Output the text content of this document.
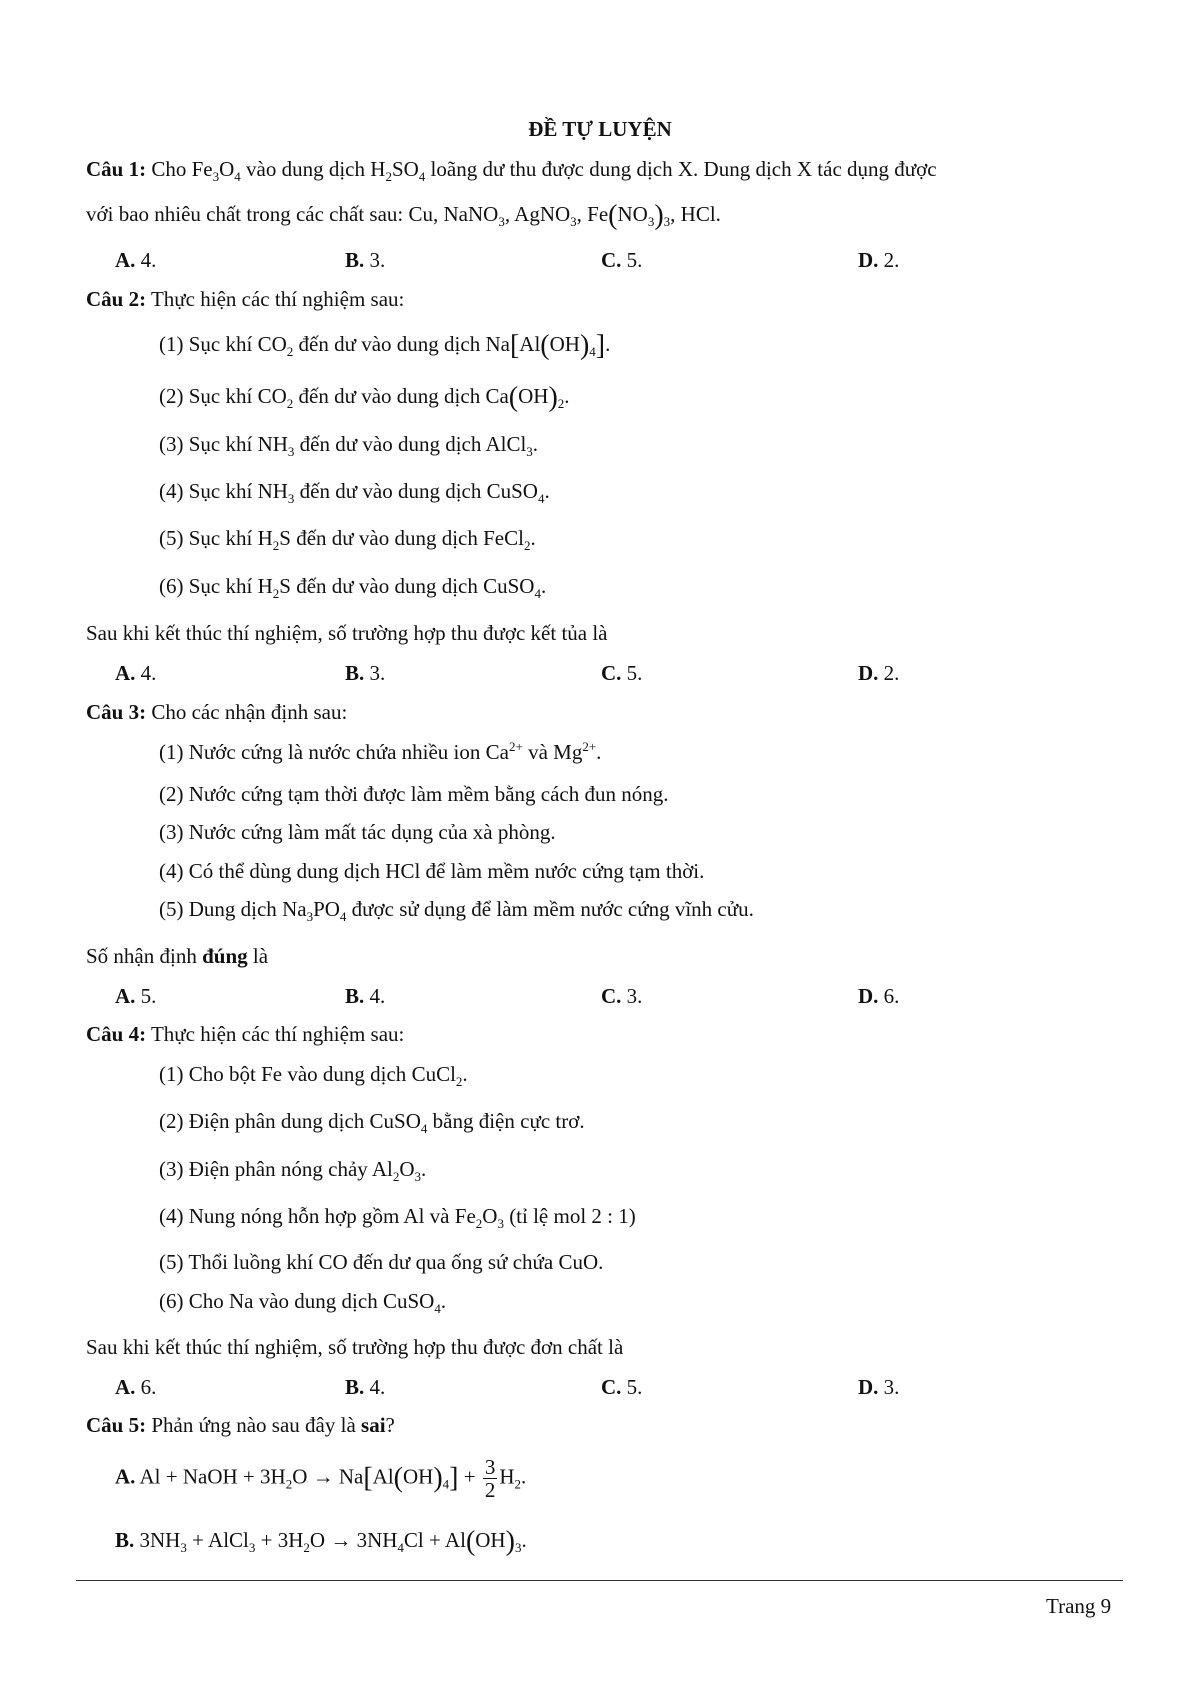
ĐỀ TỰ LUYỆN
Câu 1: Cho $Fe_3O_4$ vào dung dịch $H_2SO_4$ loãng dư thu được dung dịch X. Dung dịch X tác dụng được
với bao nhiêu chất trong các chất sau: Cu, NaNO$_3$, AgNO$_3$, $Fe(NO_3)_3$, HCl.
A. 4.	B. 3.	C. 5.	D. 2.
Câu 2: Thực hiện các thí nghiệm sau:
(1) Sục khí $CO_2$ đến dư vào dung dịch $Na[Al(OH)_4]$.
(2) Sục khí $CO_2$ đến dư vào dung dịch $Ca(OH)_2$.
(3) Sục khí $NH_3$ đến dư vào dung dịch AlCl$_3$.
(4) Sục khí $NH_3$ đến dư vào dung dịch CuSO$_4$.
(5) Sục khí $H_2S$ đến dư vào dung dịch FeCl$_2$.
(6) Sục khí $H_2S$ đến dư vào dung dịch CuSO$_4$.
Sau khi kết thúc thí nghiệm, số trường hợp thu được kết tủa là
A. 4.	B. 3.	C. 5.	D. 2.
Câu 3: Cho các nhận định sau:
(1) Nước cứng là nước chứa nhiều ion $Ca^{2+}$ và $Mg^{2+}$.
(2) Nước cứng tạm thời được làm mềm bằng cách đun nóng.
(3) Nước cứng làm mất tác dụng của xà phòng.
(4) Có thể dùng dung dịch HCl để làm mềm nước cứng tạm thời.
(5) Dung dịch $Na_3PO_4$ được sử dụng để làm mềm nước cứng vĩnh cửu.
Số nhận định đúng là
A. 5.	B. 4.	C. 3.	D. 6.
Câu 4: Thực hiện các thí nghiệm sau:
(1) Cho bột Fe vào dung dịch CuCl$_2$.
(2) Điện phân dung dịch CuSO$_4$ bằng điện cực trơ.
(3) Điện phân nóng chảy $Al_2O_3$.
(4) Nung nóng hỗn hợp gồm Al và $Fe_2O_3$ (tỉ lệ mol 2 : 1)
(5) Thổi luồng khí CO đến dư qua ống sứ chứa CuO.
(6) Cho Na vào dung dịch CuSO$_4$.
Sau khi kết thúc thí nghiệm, số trường hợp thu được đơn chất là
A. 6.	B. 4.	C. 5.	D. 3.
Câu 5: Phản ứng nào sau đây là sai?
A. Al + NaOH + $3H_2O \to Na[Al(OH)_4] + \frac{3}{2} H_2$.
B. $3NH_3$ + AlCl$_3$ + $3H_2O \to 3NH_4Cl + Al(OH)_3$.
Trang 9
